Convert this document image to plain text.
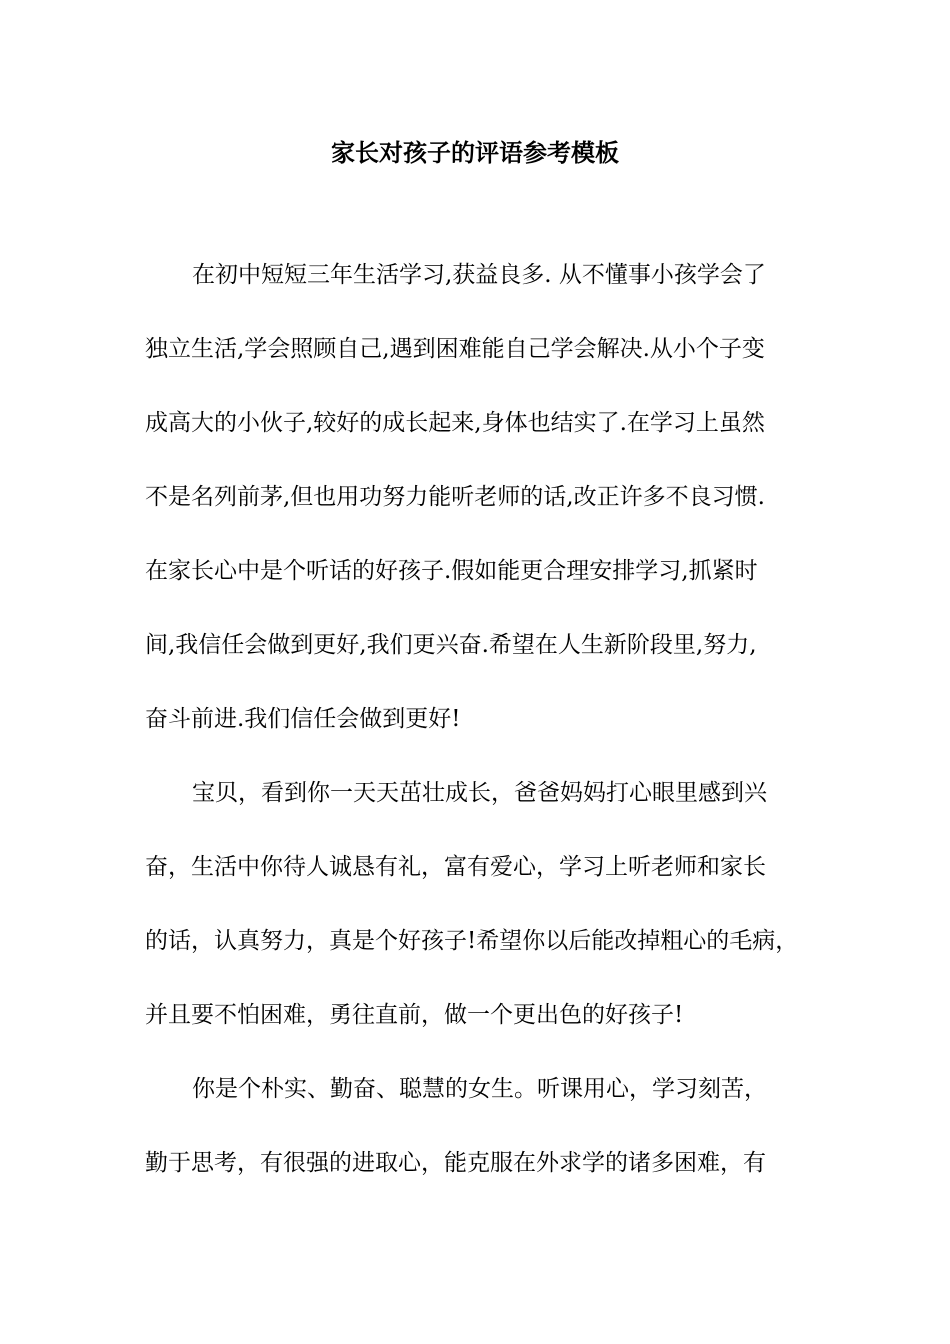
家长对孩子的评语参考模板
在初中短短三年生活学习,获益良多. 从不懂事小孩学会了
独立生活,学会照顾自己,遇到困难能自己学会解决.从小个子变
成高大的小伙子,较好的成长起来,身体也结实了.在学习上虽然
不是名列前茅,但也用功努力能听老师的话,改正许多不良习惯.
在家长心中是个听话的好孩子.假如能更合理安排学习,抓紧时
间,我信任会做到更好,我们更兴奋.希望在人生新阶段里,努力,
奋斗前进.我们信任会做到更好!
宝贝，看到你一天天茁壮成长，爸爸妈妈打心眼里感到兴
奋，生活中你待人诚恳有礼，富有爱心，学习上听老师和家长
的话，认真努力，真是个好孩子!希望你以后能改掉粗心的毛病，
并且要不怕困难，勇往直前，做一个更出色的好孩子!
你是个朴实、勤奋、聪慧的女生。听课用心，学习刻苦，
勤于思考，有很强的进取心，能克服在外求学的诸多困难，有
